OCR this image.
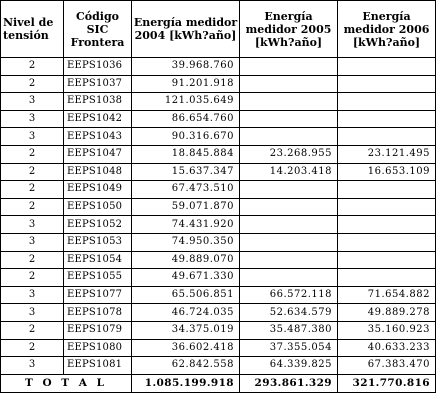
Nivel de tensión	Código SIC Frontera	Energía medidor 2004 [kWh?año]	Energía medidor 2005 [kWh?año]	Energía medidor 2006 [kWh?año]
2	EEPS1036	39.968.760		
2	EEPS1037	91.201.918		
3	EEPS1038	121.035.649		
3	EEPS1042	86.654.760		
3	EEPS1043	90.316.670		
2	EEPS1047	18.845.884	23.268.955	23.121.495
2	EEPS1048	15.637.347	14.203.418	16.653.109
2	EEPS1049	67.473.510		
2	EEPS1050	59.071.870		
3	EEPS1052	74.431.920		
3	EEPS1053	74.950.350		
2	EEPS1054	49.889.070		
2	EEPS1055	49.671.330		
3	EEPS1077	65.506.851	66.572.118	71.654.882
3	EEPS1078	46.724.035	52.634.579	49.889.278
2	EEPS1079	34.375.019	35.487.380	35.160.923
2	EEPS1080	36.602.418	37.355.054	40.633.233
3	EEPS1081	62.842.558	64.339.825	67.383.470
T O T A L		1.085.199.918	293.861.329	321.770.816
